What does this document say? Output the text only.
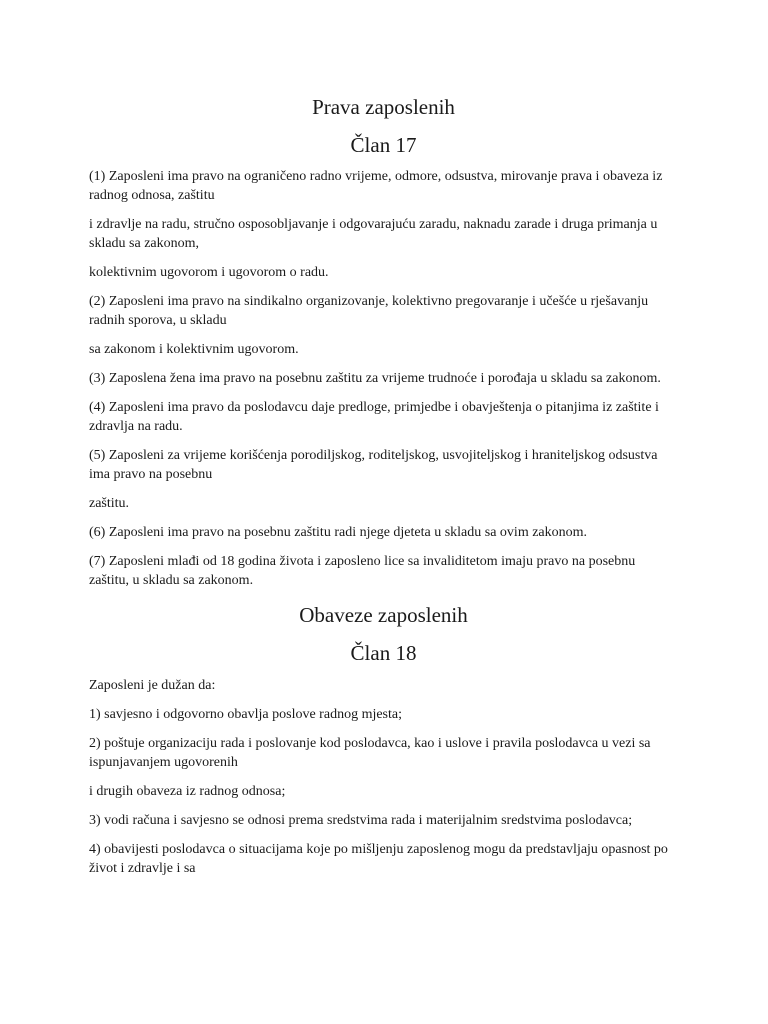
Prava zaposlenih
Član 17

(1) Zaposleni ima pravo na ograničeno radno vrijeme, odmore, odsustva, mirovanje prava i obaveza iz radnog odnosa, zaštitu

i zdravlje na radu, stručno osposobljavanje i odgovarajuću zaradu, naknadu zarade i druga primanja u skladu sa zakonom,

kolektivnim ugovorom i ugovorom o radu.

(2) Zaposleni ima pravo na sindikalno organizovanje, kolektivno pregovaranje i učešće u rješavanju radnih sporova, u skladu

sa zakonom i kolektivnim ugovorom.

(3) Zaposlena žena ima pravo na posebnu zaštitu za vrijeme trudnoće i porođaja u skladu sa zakonom.

(4) Zaposleni ima pravo da poslodavcu daje predloge, primjedbe i obavještenja o pitanjima iz zaštite i zdravlja na radu.

(5) Zaposleni za vrijeme korišćenja porodiljskog, roditeljskog, usvojiteljskog i hraniteljskog odsustva ima pravo na posebnu

zaštitu.

(6) Zaposleni ima pravo na posebnu zaštitu radi njege djeteta u skladu sa ovim zakonom.

(7) Zaposleni mlađi od 18 godina života i zaposleno lice sa invaliditetom imaju pravo na posebnu zaštitu, u skladu sa zakonom.

Obaveze zaposlenih
Član 18

Zaposleni je dužan da:

1) savjesno i odgovorno obavlja poslove radnog mjesta;

2) poštuje organizaciju rada i poslovanje kod poslodavca, kao i uslove i pravila poslodavca u vezi sa ispunjavanjem ugovorenih

i drugih obaveza iz radnog odnosa;

3) vodi računa i savjesno se odnosi prema sredstvima rada i materijalnim sredstvima poslodavca;

4) obavijesti poslodavca o situacijama koje po mišljenju zaposlenog mogu da predstavljaju opasnost po život i zdravlje i sa
